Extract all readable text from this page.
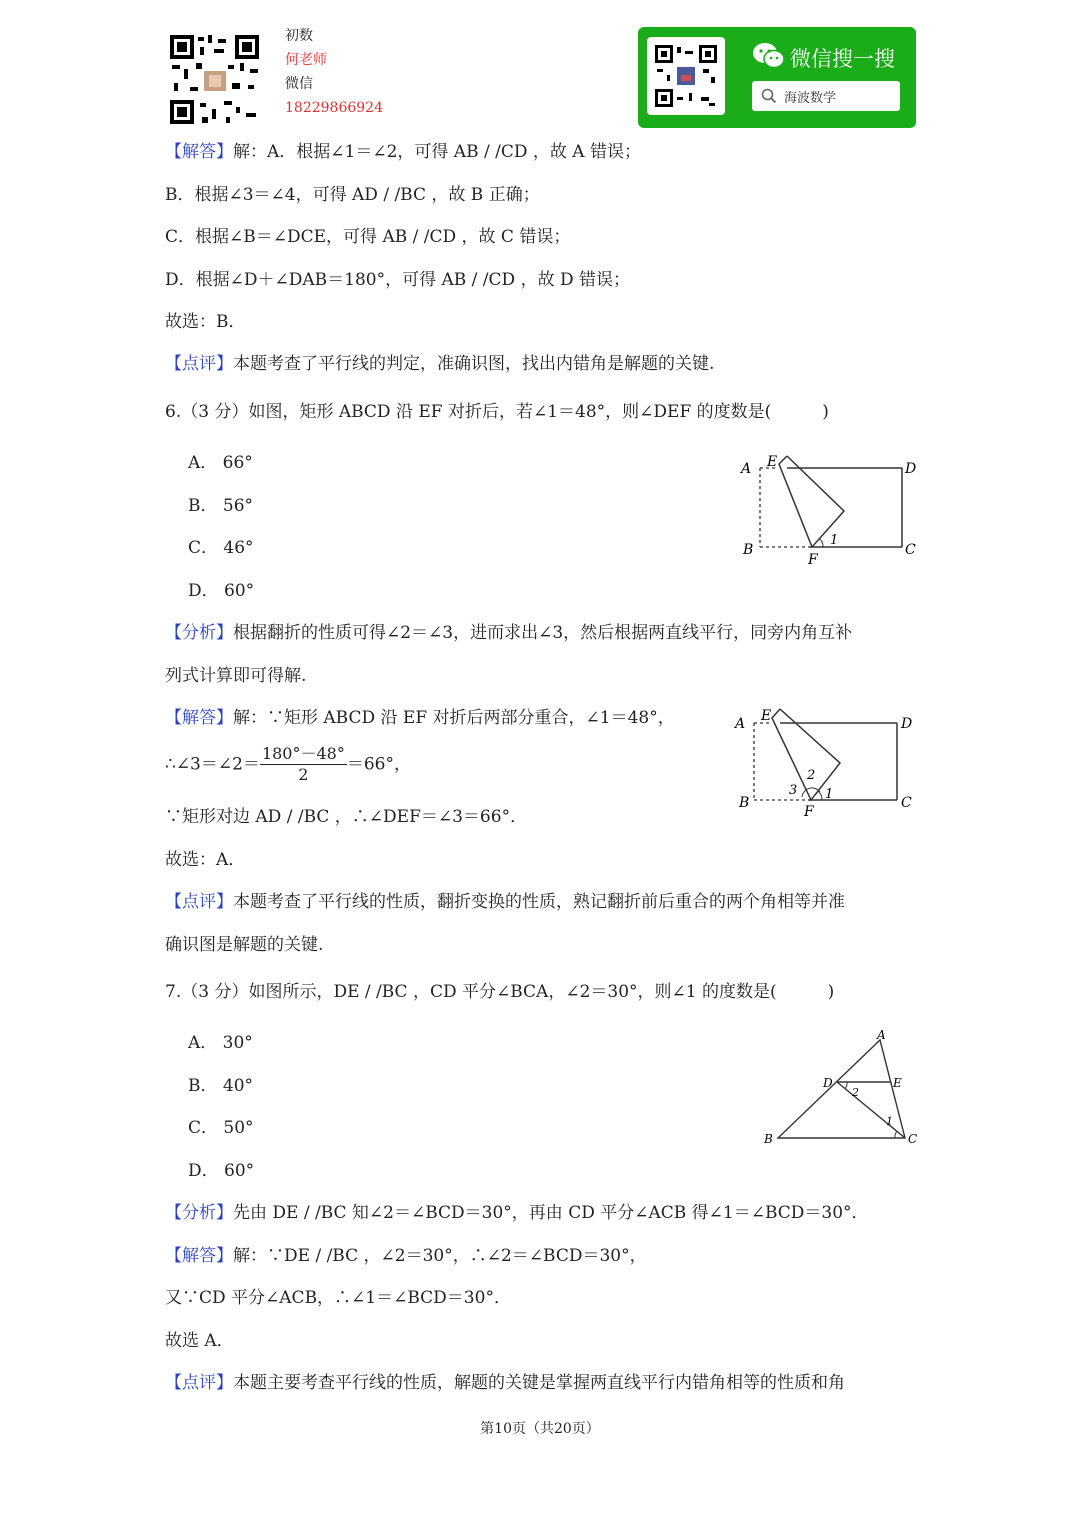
初数
何老师
微信
18229866924
微信搜一搜
海波数学
【解答】解：A．根据∠1＝∠2，可得 AB / /CD ，故 A 错误；
B．根据∠3＝∠4，可得 AD / /BC ，故 B 正确；
C．根据∠B＝∠DCE，可得 AB / /CD ，故 C 错误；
D．根据∠D＋∠DAB＝180°，可得 AB / /CD ，故 D 错误；
故选：B．
【点评】本题考查了平行线的判定，准确识图，找出内错角是解题的关键.
6.（3 分）如图，矩形 ABCD 沿 EF 对折后，若∠1＝48°，则∠DEF 的度数是(　　　)
A． 66°
B． 56°
C． 46°
D． 60°
A E	D
B
F
C
1
【分析】根据翻折的性质可得∠2＝∠3，进而求出∠3，然后根据两直线平行，同旁内角互补
列式计算即可得解.
【解答】解：∵矩形 ABCD 沿 EF 对折后两部分重合，∠1＝48°，
∴∠3＝∠2＝ $\frac{180^\circ-48^\circ}{2} =66^\circ$，
∵矩形对边 AD / /BC ，∴∠DEF＝∠3＝66°．
A E	D
B
F
C
1
2
3
故选：A．
【点评】本题考查了平行线的性质，翻折变换的性质，熟记翻折前后重合的两个角相等并准
确识图是解题的关键.
7.（3 分）如图所示，DE / /BC ，CD 平分∠BCA，∠2＝30°，则∠1 的度数是(　　　)
A． 30°
B． 40°
C． 50°
D． 60°
A
D	E
B	C
2
1
【分析】先由 DE / /BC 知∠2＝∠BCD＝30°，再由 CD 平分∠ACB 得∠1＝∠BCD＝30°．
【解答】解：∵DE / /BC ，∠2＝30°，∴∠2＝∠BCD＝30°，
又∵CD 平分∠ACB，∴∠1＝∠BCD＝30°．
故选 A．
【点评】本题主要考查平行线的性质，解题的关键是掌握两直线平行内错角相等的性质和角
第10页（共20页）
